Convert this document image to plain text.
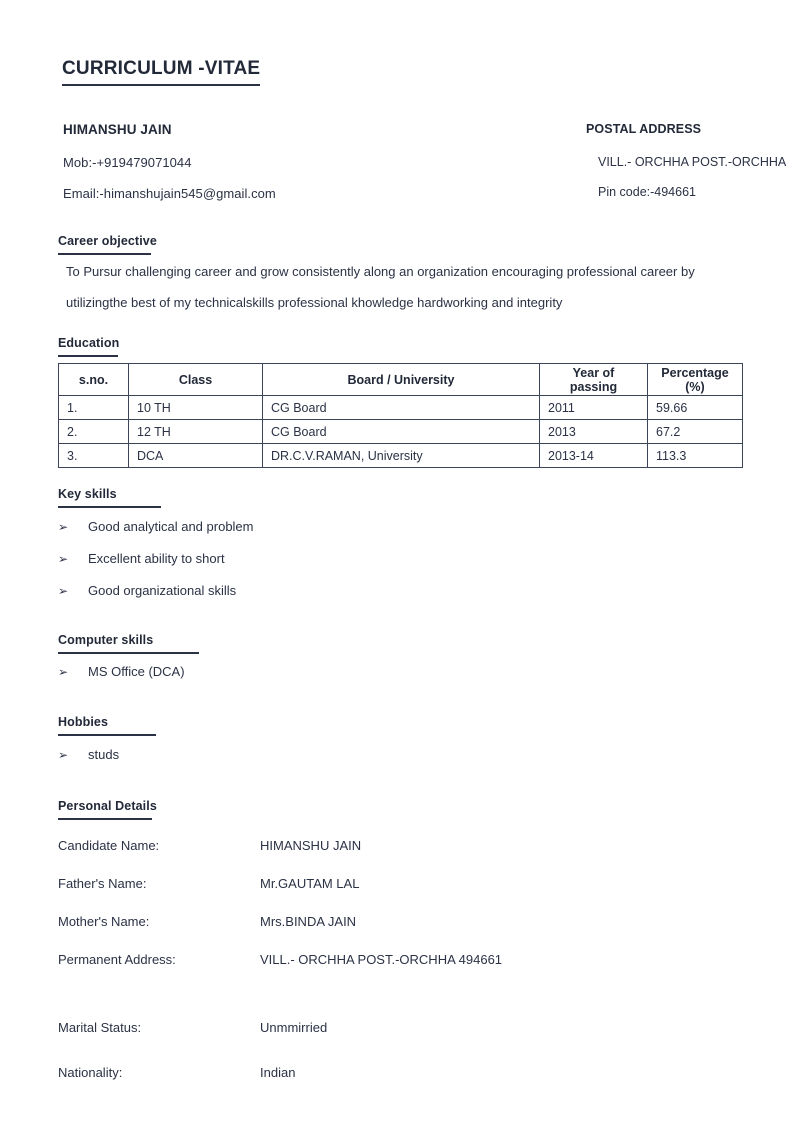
CURRICULUM -VITAE
HIMANSHU JAIN
Mob:-+919479071044
Email:-himanshujain545@gmail.com
POSTAL ADDRESS
VILL.- ORCHHA POST.-ORCHHA
Pin code:-494661
Career objective
To Pursur challenging career and grow consistently along an organization encouraging professional career by
utilizingthe best of my technicalskills professional khowledge hardworking and integrity
Education
s.no.	Class	Board / University	Year of passing	Percentage (%)
1.	10 TH	CG Board	2011	59.66
2.	12 TH	CG Board	2013	67.2
3.	DCA	DR.C.V.RAMAN, University	2013-14	113.3
Key skills
➢ Good analytical and problem
➢ Excellent ability to short
➢ Good organizational skills
Computer skills
➢ MS Office (DCA)
Hobbies
➢ studs
Personal Details
Candidate Name:	HIMANSHU JAIN
Father's Name:	Mr.GAUTAM LAL
Mother's Name:	Mrs.BINDA JAIN
Permanent Address:	VILL.- ORCHHA POST.-ORCHHA 494661
Marital Status:	Unmmirried
Nationality:	Indian
